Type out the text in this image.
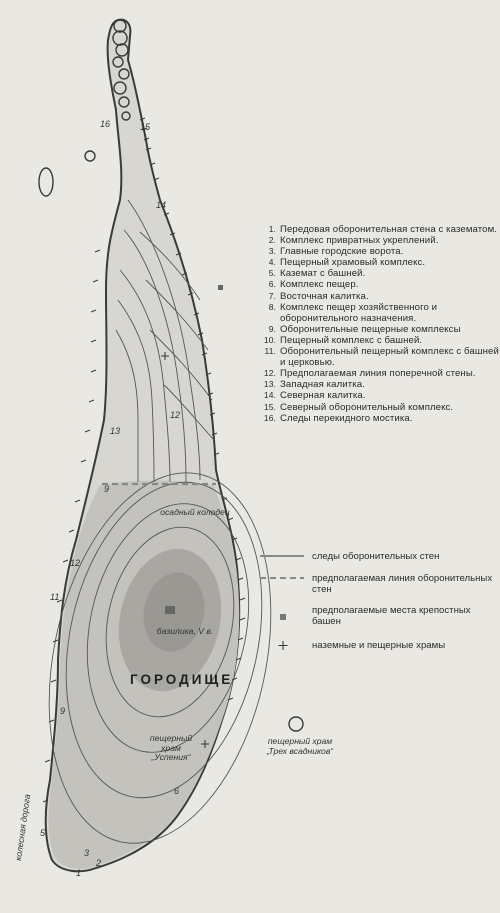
16	15
14
12
13
9
12
11
9
6
5
3
2
1
1. Передовая оборонительная стена с казематом.
2. Комплекс привратных укреплений.
3. Главные городские ворота.
4. Пещерный храмовый комплекс.
5. Каземат с башней.
6. Комплекс пещер.
7. Восточная калитка.
8. Комплекс пещер хозяйственного и оборонительного назначения.
9. Оборонительные пещерные комплексы
10. Пещерный комплекс с башней.
11. Оборонительный пещерный комплекс с башней и церковью.
12. Предполагаемая линия поперечной стены.
13. Западная калитка.
14. Северная калитка.
15. Северный оборонительный комплекс.
16. Следы перекидного мостика.
следы оборонительных стен
предполагаемая линия оборонительных стен
предполагаемые места крепостных башен
наземные и пещерные храмы
осадный колодец
базилика, V в.
ГОРОДИЩЕ
пещерный
храм
„Успения“
пещерный храм
„Трех всадников“
колесная дорога
